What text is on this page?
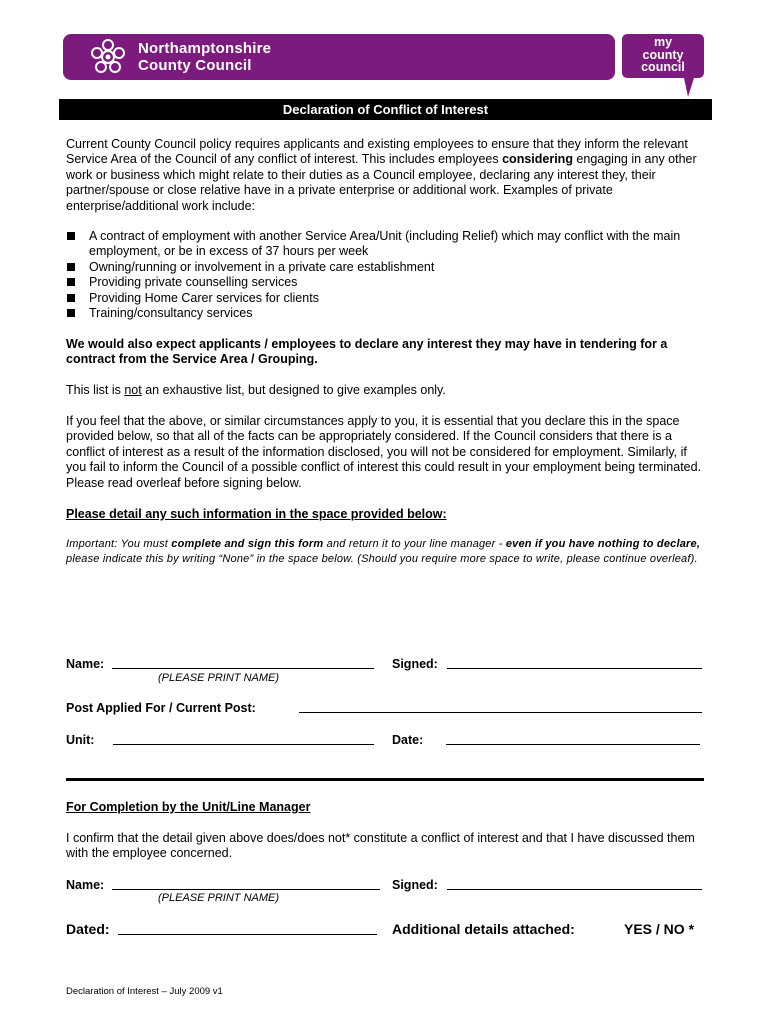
Northamptonshire
County Council
my
county
council
Declaration of Conflict of Interest
Current County Council policy requires applicants and existing employees to ensure that they inform the relevant Service Area of the Council of any conflict of interest. This includes employees considering engaging in any other work or business which might relate to their duties as a Council employee, declaring any interest they, their partner/spouse or close relative have in a private enterprise or additional work. Examples of private enterprise/additional work include:
A contract of employment with another Service Area/Unit (including Relief) which may conflict with the main employment, or be in excess of 37 hours per week
Owning/running or involvement in a private care establishment
Providing private counselling services
Providing Home Carer services for clients
Training/consultancy services
We would also expect applicants / employees to declare any interest they may have in tendering for a contract from the Service Area / Grouping.
This list is not an exhaustive list, but designed to give examples only.
If you feel that the above, or similar circumstances apply to you, it is essential that you declare this in the space provided below, so that all of the facts can be appropriately considered. If the Council considers that there is a conflict of interest as a result of the information disclosed, you will not be considered for employment. Similarly, if you fail to inform the Council of a possible conflict of interest this could result in your employment being terminated. Please read overleaf before signing below.
Please detail any such information in the space provided below:
Important: You must complete and sign this form and return it to your line manager - even if you have nothing to declare, please indicate this by writing “None” in the space below. (Should you require more space to write, please continue overleaf).
Name:	Signed:
(PLEASE PRINT NAME)
Post Applied For / Current Post:
Unit:	Date:
For Completion by the Unit/Line Manager
I confirm that the detail given above does/does not* constitute a conflict of interest and that I have discussed them with the employee concerned.
Name:	Signed:
(PLEASE PRINT NAME)
Dated:	Additional details attached:	YES / NO *
Declaration of Interest – July 2009 v1
